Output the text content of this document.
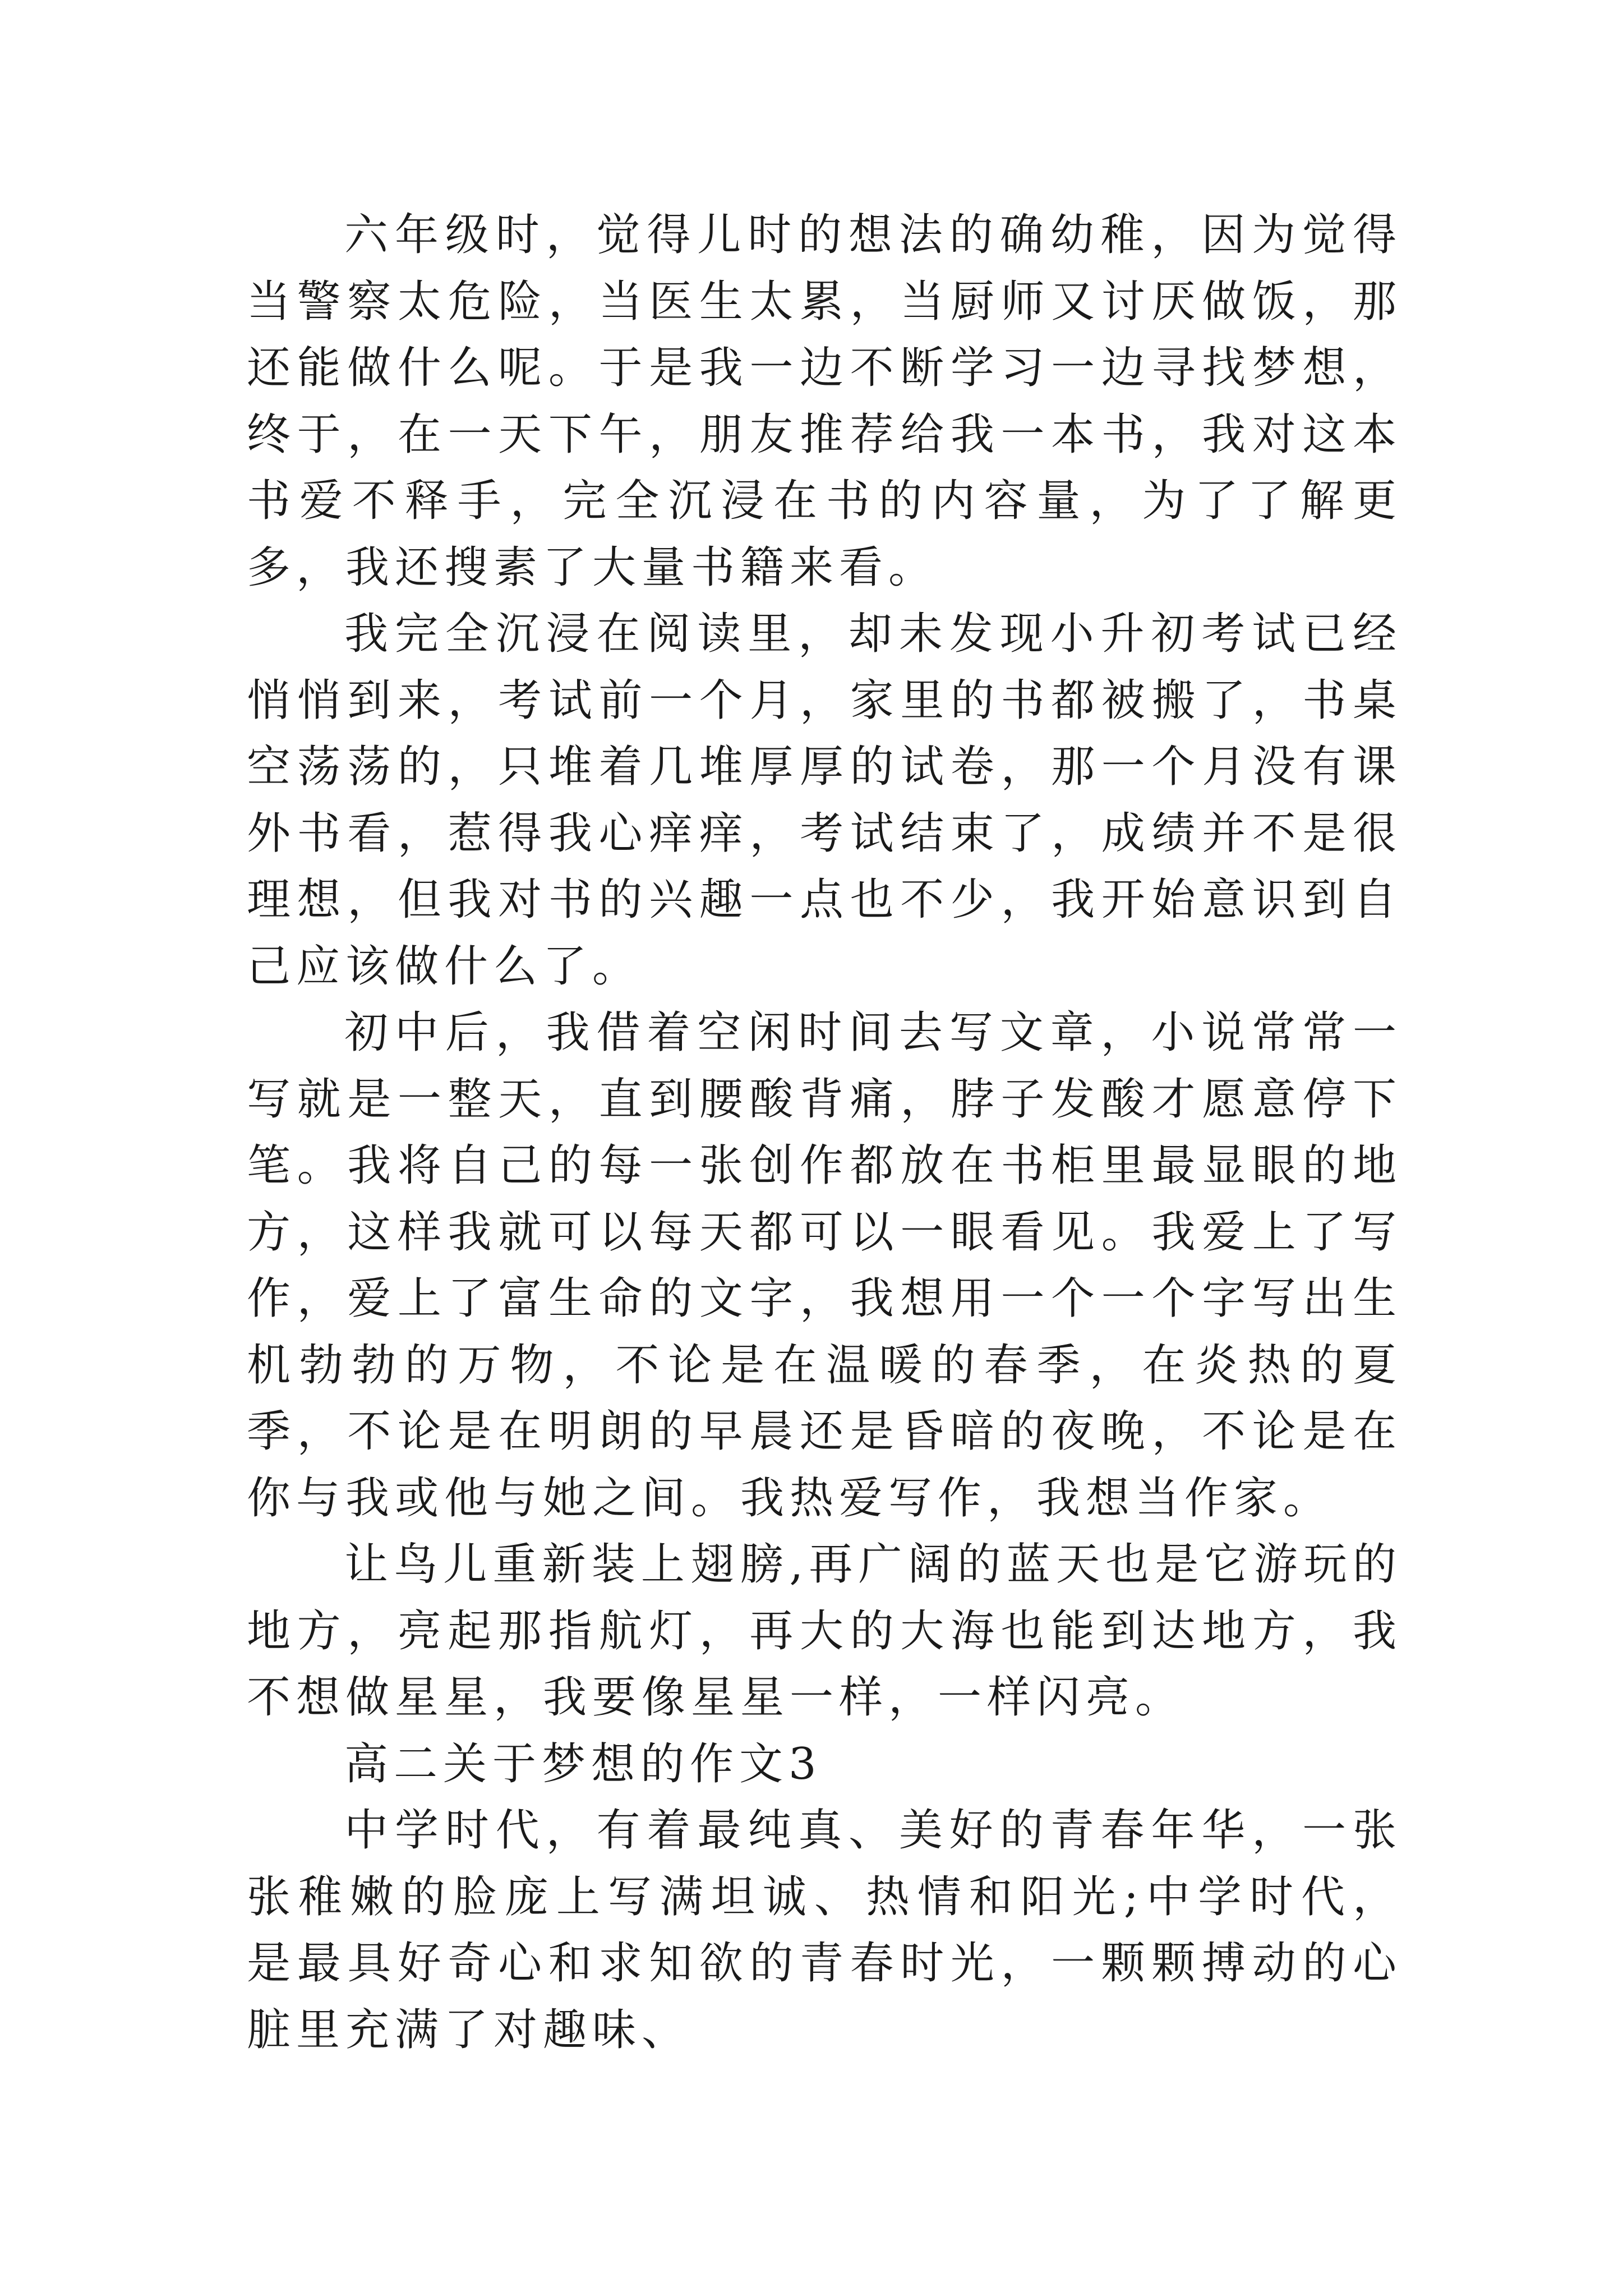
六年级时，觉得儿时的想法的确幼稚，因为觉得当警察太危险，当医生太累，当厨师又讨厌做饭，那还能做什么呢。于是我一边不断学习一边寻找梦想，终于，在一天下午，朋友推荐给我一本书，我对这本书爱不释手，完全沉浸在书的内容量，为了了解更多，我还搜素了大量书籍来看。

我完全沉浸在阅读里，却未发现小升初考试已经悄悄到来，考试前一个月，家里的书都被搬了，书桌空荡荡的，只堆着几堆厚厚的试卷，那一个月没有课外书看，惹得我心痒痒，考试结束了，成绩并不是很理想，但我对书的兴趣一点也不少，我开始意识到自己应该做什么了。

初中后，我借着空闲时间去写文章，小说常常一写就是一整天，直到腰酸背痛，脖子发酸才愿意停下笔。我将自己的每一张创作都放在书柜里最显眼的地方，这样我就可以每天都可以一眼看见。我爱上了写作，爱上了富生命的文字，我想用一个一个字写出生机勃勃的万物，不论是在温暖的春季，在炎热的夏季，不论是在明朗的早晨还是昏暗的夜晚，不论是在你与我或他与她之间。我热爱写作，我想当作家。

让鸟儿重新装上翅膀,再广阔的蓝天也是它游玩的地方，亮起那指航灯，再大的大海也能到达地方，我不想做星星，我要像星星一样，一样闪亮。

高二关于梦想的作文3

中学时代，有着最纯真、美好的青春年华，一张张稚嫩的脸庞上写满坦诚、热情和阳光;中学时代，是最具好奇心和求知欲的青春时光，一颗颗搏动的心脏里充满了对趣味、
